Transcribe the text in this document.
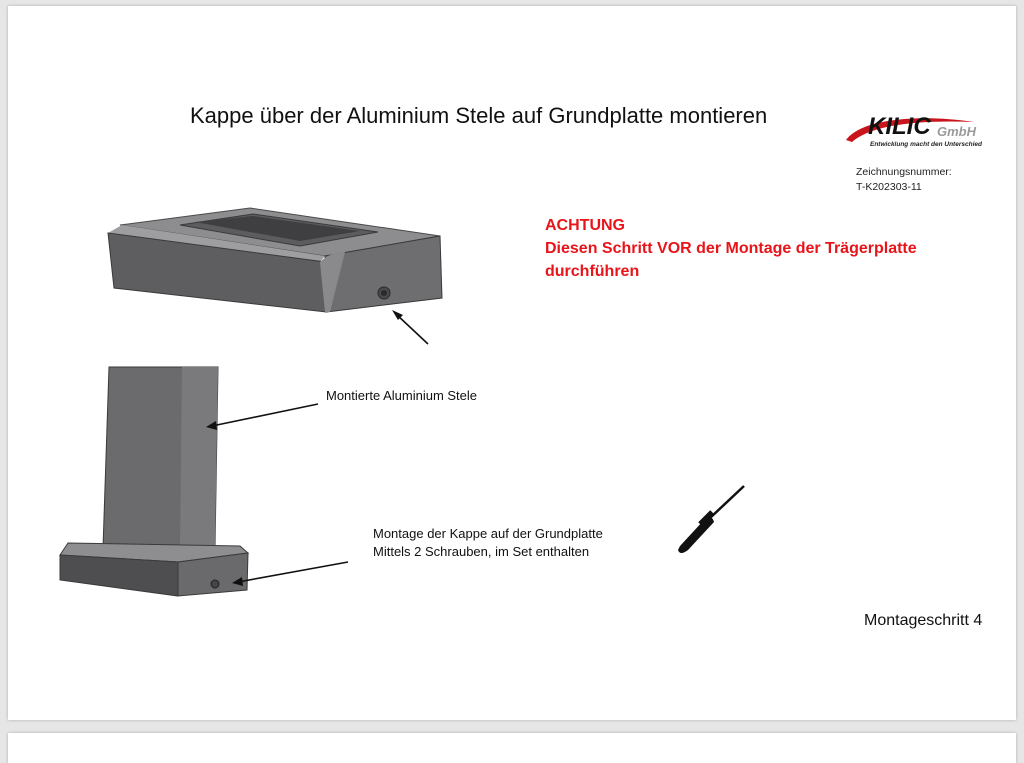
Kappe über der Aluminium Stele auf Grundplatte montieren	KILIC GmbH
Entwicklung macht den Unterschied
Zeichnungsnummer:
T-K202303-11
ACHTUNG
Diesen Schritt VOR der Montage der Trägerplatte
durchführen
Montierte Aluminium Stele
Montage der Kappe auf der Grundplatte
Mittels 2 Schrauben, im Set enthalten
Montageschritt 4
